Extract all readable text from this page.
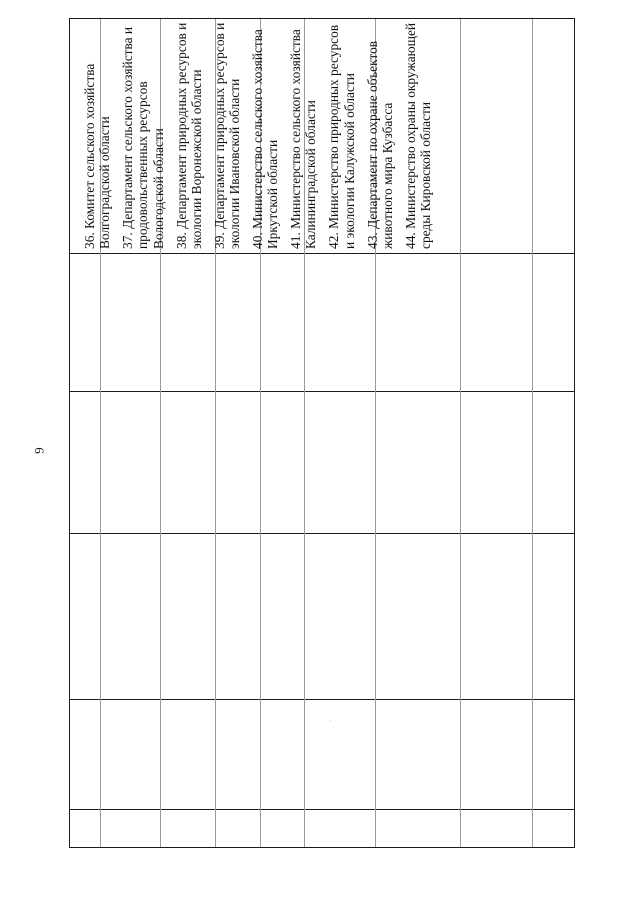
6

36. Комитет сельского хозяйства Волгоградской области 37. Департамент сельского хозяйства и продовольственных ресурсов Вологодской области 38. Департамент природных ресурсов и экологии Воронежской области 39. Департамент природных ресурсов и экологии Ивановской области 40. Министерство сельского хозяйства Иркутской области 41. Министерство сельского хозяйства Калининградской области 42. Министерство природных ресурсов и экологии Калужской области 43. Департамент по охране объектов животного мира Кузбасса 44. Министерство охраны окружающей среды Кировской области
